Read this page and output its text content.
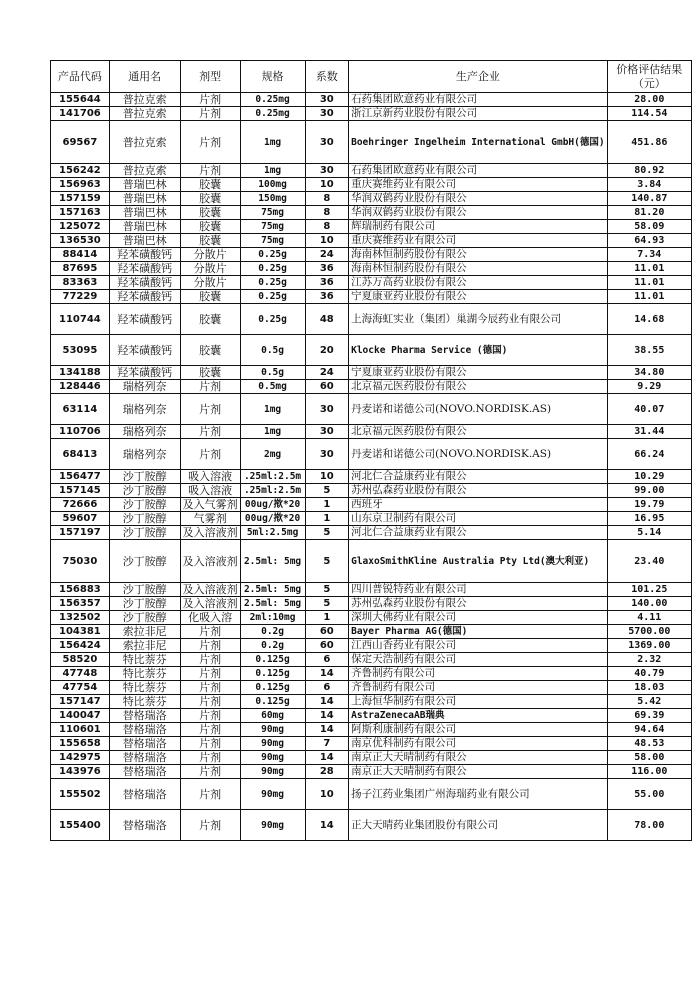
产品代码	通用名	剂型	规格	系数	生产企业	价格评估结果（元）
155644	普拉克索	片剂	0.25mg	30	石药集团欧意药业有限公司	28.00
141706	普拉克索	片剂	0.25mg	30	浙江京新药业股份有限公司	114.54
69567	普拉克索	片剂	1mg	30	Boehringer Ingelheim International GmbH(德国)	451.86
156242	普拉克索	片剂	1mg	30	石药集团欧意药业有限公司	80.92
156963	普瑞巴林	胶囊	100mg	10	重庆赛维药业有限公司	3.84
157159	普瑞巴林	胶囊	150mg	8	华润双鹤药业股份有限公	140.87
157163	普瑞巴林	胶囊	75mg	8	华润双鹤药业股份有限公	81.20
125072	普瑞巴林	胶囊	75mg	8	辉瑞制药有限公司	58.09
136530	普瑞巴林	胶囊	75mg	10	重庆赛维药业有限公司	64.93
88414	羟苯磺酸钙	分散片	0.25g	24	海南林恒制药股份有限公	7.34
87695	羟苯磺酸钙	分散片	0.25g	36	海南林恒制药股份有限公	11.01
83363	羟苯磺酸钙	分散片	0.25g	36	江苏万高药业股份有限公	11.01
77229	羟苯磺酸钙	胶囊	0.25g	36	宁夏康亚药业股份有限公	11.01
110744	羟苯磺酸钙	胶囊	0.25g	48	上海海虹实业（集团）巢湖今辰药业有限公司	14.68
53095	羟苯磺酸钙	胶囊	0.5g	20	Klocke Pharma Service (德国)	38.55
134188	羟苯磺酸钙	胶囊	0.5g	24	宁夏康亚药业股份有限公	34.80
128446	瑞格列奈	片剂	0.5mg	60	北京福元医药股份有限公	9.29
63114	瑞格列奈	片剂	1mg	30	丹麦诺和诺德公司(NOVO.NORDISK.AS)	40.07
110706	瑞格列奈	片剂	1mg	30	北京福元医药股份有限公	31.44
68413	瑞格列奈	片剂	2mg	30	丹麦诺和诺德公司(NOVO.NORDISK.AS)	66.24
156477	沙丁胺醇	吸入溶液	.25ml:2.5m	10	河北仁合益康药业有限公	10.29
157145	沙丁胺醇	吸入溶液	.25ml:2.5m	5	苏州弘森药业股份有限公	99.00
72666	沙丁胺醇	及入气雾剂	00ug/揿*20	1	西班牙	19.79
59607	沙丁胺醇	气雾剂	00ug/揿*20	1	山东京卫制药有限公司	16.95
157197	沙丁胺醇	及入溶液剂	5ml:2.5mg	5	河北仁合益康药业有限公	5.14
75030	沙丁胺醇	及入溶液剂	2.5ml: 5mg	5	GlaxoSmithKline Australia Pty Ltd(澳大利亚)	23.40
156883	沙丁胺醇	及入溶液剂	2.5ml: 5mg	5	四川普锐特药业有限公司	101.25
156357	沙丁胺醇	及入溶液剂	2.5ml: 5mg	5	苏州弘森药业股份有限公	140.00
132502	沙丁胺醇	化吸入溶	2ml:10mg	1	深圳大佛药业有限公司	4.11
104381	索拉非尼	片剂	0.2g	60	Bayer Pharma AG(德国)	5700.00
156424	索拉非尼	片剂	0.2g	60	江西山香药业有限公司	1369.00
58520	特比萘芬	片剂	0.125g	6	保定天浩制药有限公司	2.32
47748	特比萘芬	片剂	0.125g	14	齐鲁制药有限公司	40.79
47754	特比萘芬	片剂	0.125g	6	齐鲁制药有限公司	18.03
157147	特比萘芬	片剂	0.125g	14	上海恒华制药有限公司	5.42
140047	替格瑞洛	片剂	60mg	14	AstraZenecaAB瑞典	69.39
110601	替格瑞洛	片剂	90mg	14	阿斯利康制药有限公司	94.64
155658	替格瑞洛	片剂	90mg	7	南京优科制药有限公司	48.53
142975	替格瑞洛	片剂	90mg	14	南京正大天晴制药有限公	58.00
143976	替格瑞洛	片剂	90mg	28	南京正大天晴制药有限公	116.00
155502	替格瑞洛	片剂	90mg	10	扬子江药业集团广州海瑞药业有限公司	55.00
155400	替格瑞洛	片剂	90mg	14	正大天晴药业集团股份有限公司	78.00
